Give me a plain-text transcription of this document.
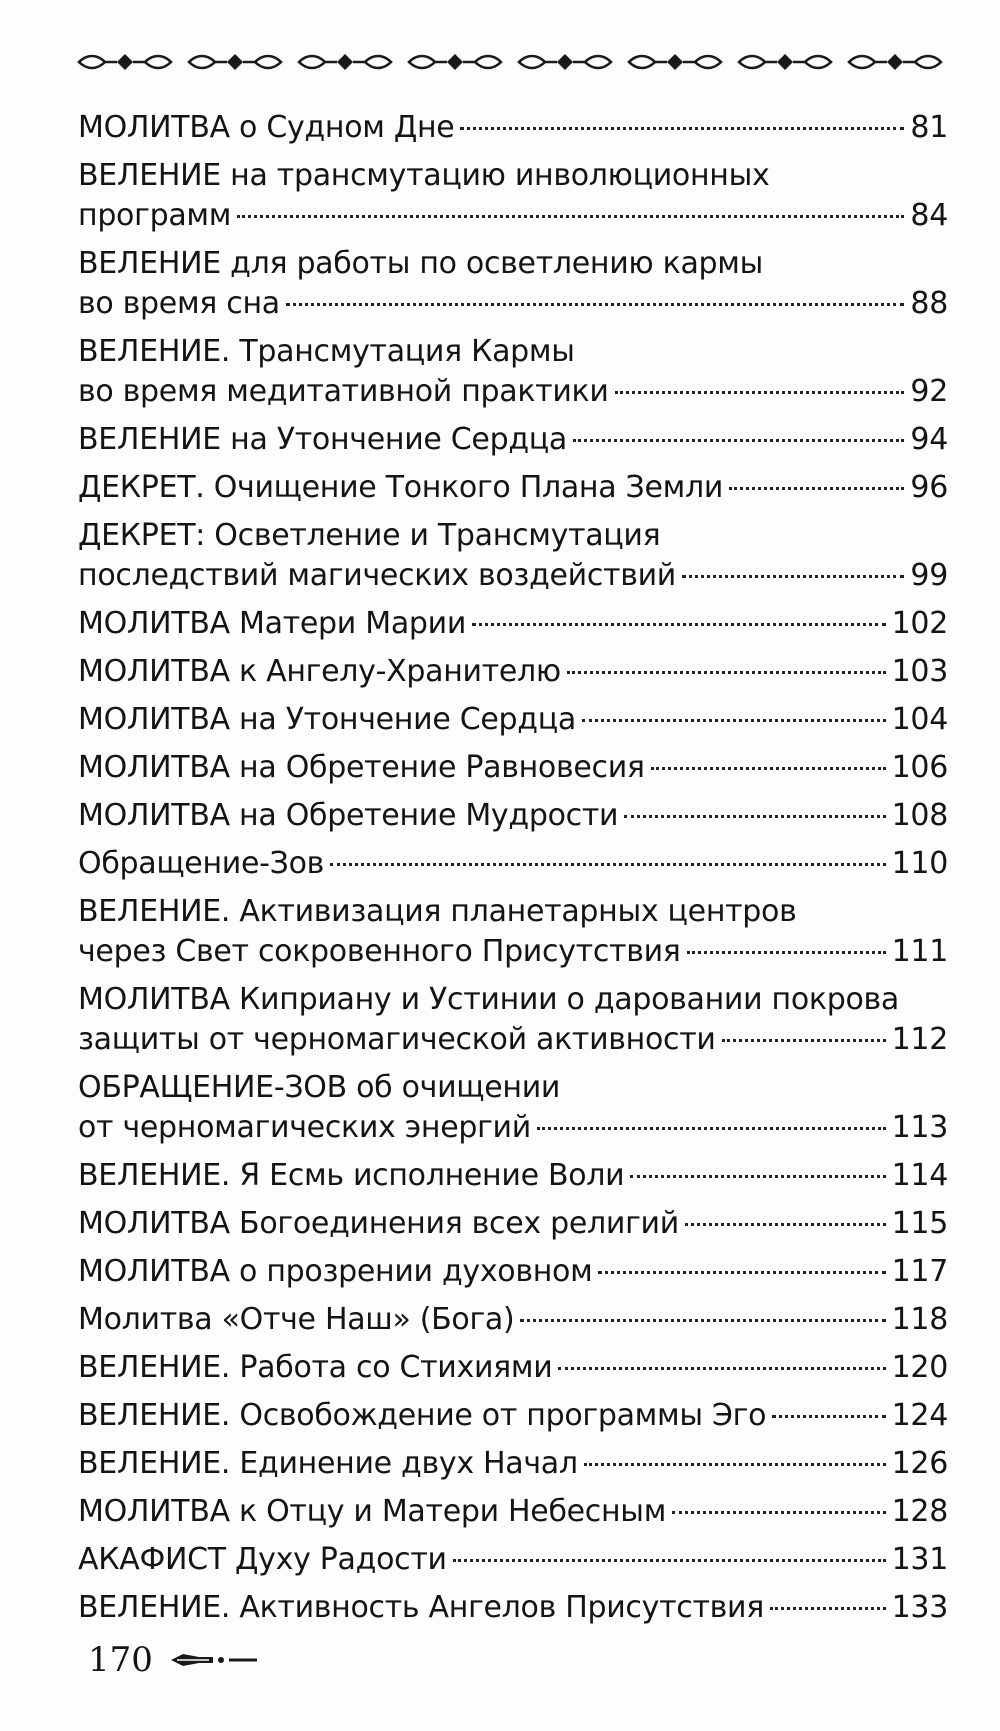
МОЛИТВА о Судном Дне	81
ВЕЛЕНИЕ на трансмутацию инволюционных
программ	84
ВЕЛЕНИЕ для работы по осветлению кармы
во время сна	88
ВЕЛЕНИЕ. Трансмутация Кармы
во время медитативной практики	92
ВЕЛЕНИЕ на Утончение Сердца	94
ДЕКРЕТ. Очищение Тонкого Плана Земли	96
ДЕКРЕТ: Осветление и Трансмутация
последствий магических воздействий	99
МОЛИТВА Матери Марии	102
МОЛИТВА к Ангелу-Хранителю	103
МОЛИТВА на Утончение Сердца	104
МОЛИТВА на Обретение Равновесия	106
МОЛИТВА на Обретение Мудрости	108
Обращение-Зов	110
ВЕЛЕНИЕ. Активизация планетарных центров
через Свет сокровенного Присутствия	111
МОЛИТВА Киприану и Устинии о даровании покрова
защиты от черномагической активности	112
ОБРАЩЕНИЕ-ЗОВ об очищении
от черномагических энергий	113
ВЕЛЕНИЕ. Я Есмь исполнение Воли	114
МОЛИТВА Богоединения всех религий	115
МОЛИТВА о прозрении духовном	117
Молитва «Отче Наш» (Бога)	118
ВЕЛЕНИЕ. Работа со Стихиями	120
ВЕЛЕНИЕ. Освобождение от программы Эго	124
ВЕЛЕНИЕ. Единение двух Начал	126
МОЛИТВА к Отцу и Матери Небесным	128
АКАФИСТ Духу Радости	131
ВЕЛЕНИЕ. Активность Ангелов Присутствия	133
170
